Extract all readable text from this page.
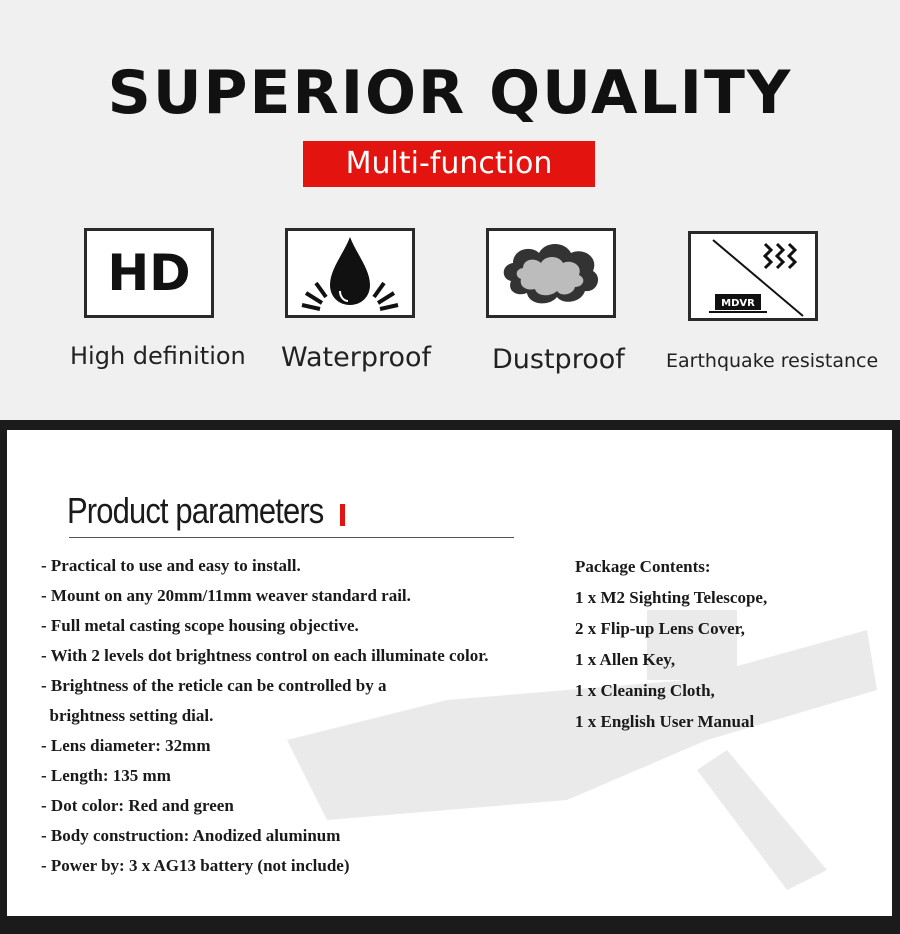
SUPERIOR QUALITY
Multi-function
HD
High definition Waterproof Dustproof
MDVR
Earthquake resistance
Product parameters
- Practical to use and easy to install.
- Mount on any 20mm/11mm weaver standard rail.
- Full metal casting scope housing objective.
- With 2 levels dot brightness control on each illuminate color.
- Brightness of the reticle can be controlled by a
brightness setting dial.
- Lens diameter: 32mm
- Length: 135 mm
- Dot color: Red and green
- Body construction: Anodized aluminum
- Power by: 3 x AG13 battery (not include)
Package Contents:
1 x M2 Sighting Telescope,
2 x Flip-up Lens Cover,
1 x Allen Key,
1 x Cleaning Cloth,
1 x English User Manual
